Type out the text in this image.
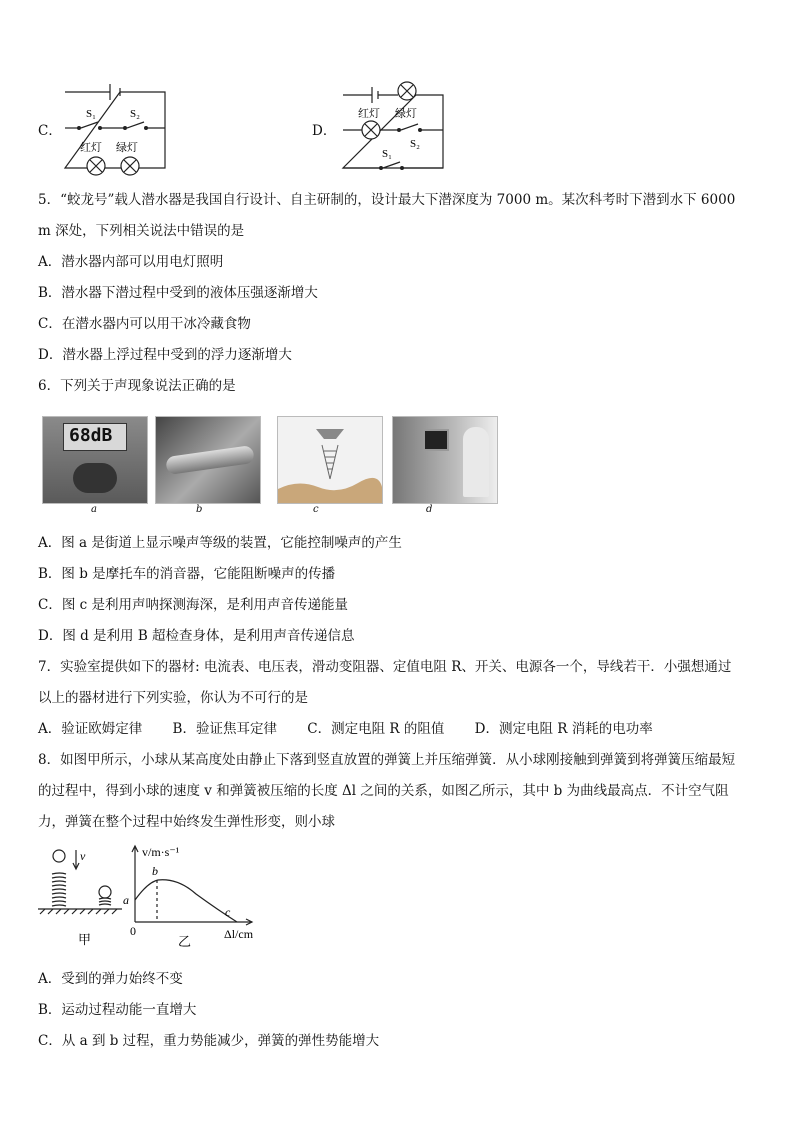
C．
S₁	S₂
红灯 绿灯
D．
红灯 绿灯
S₂
S₁
5．“蛟龙号”载人潜水器是我国自行设计、自主研制的，设计最大下潜深度为 7000 m。某次科考时下潜到水下 6000
m 深处，下列相关说法中错误的是
A．潜水器内部可以用电灯照明
B．潜水器下潜过程中受到的液体压强逐渐增大
C．在潜水器内可以用干冰冷藏食物
D．潜水器上浮过程中受到的浮力逐渐增大
6．下列关于声现象说法正确的是
68dB
a	b	c	d
A．图 a 是街道上显示噪声等级的装置，它能控制噪声的产生
B．图 b 是摩托车的消音器，它能阻断噪声的传播
C．图 c 是利用声呐探测海深，是利用声音传递能量
D．图 d 是利用 B 超检查身体，是利用声音传递信息
7．实验室提供如下的器材: 电流表、电压表，滑动变阻器、定值电阻 R、开关、电源各一个，导线若干．小强想通过
以上的器材进行下列实验，你认为不可行的是
A．验证欧姆定律 B．验证焦耳定律 C．测定电阻 R 的阻值 D．测定电阻 R 消耗的电功率
8．如图甲所示，小球从某高度处由静止下落到竖直放置的弹簧上并压缩弹簧．从小球刚接触到弹簧到将弹簧压缩最短
的过程中，得到小球的速度 v 和弹簧被压缩的长度 Δl 之间的关系，如图乙所示，其中 b 为曲线最高点．不计空气阻
力，弹簧在整个过程中始终发生弹性形变，则小球
v
甲
v/m·s⁻¹
Δl/cm
0
a
b
c
乙
A．受到的弹力始终不变
B．运动过程动能一直增大
C．从 a 到 b 过程，重力势能减少，弹簧的弹性势能增大
